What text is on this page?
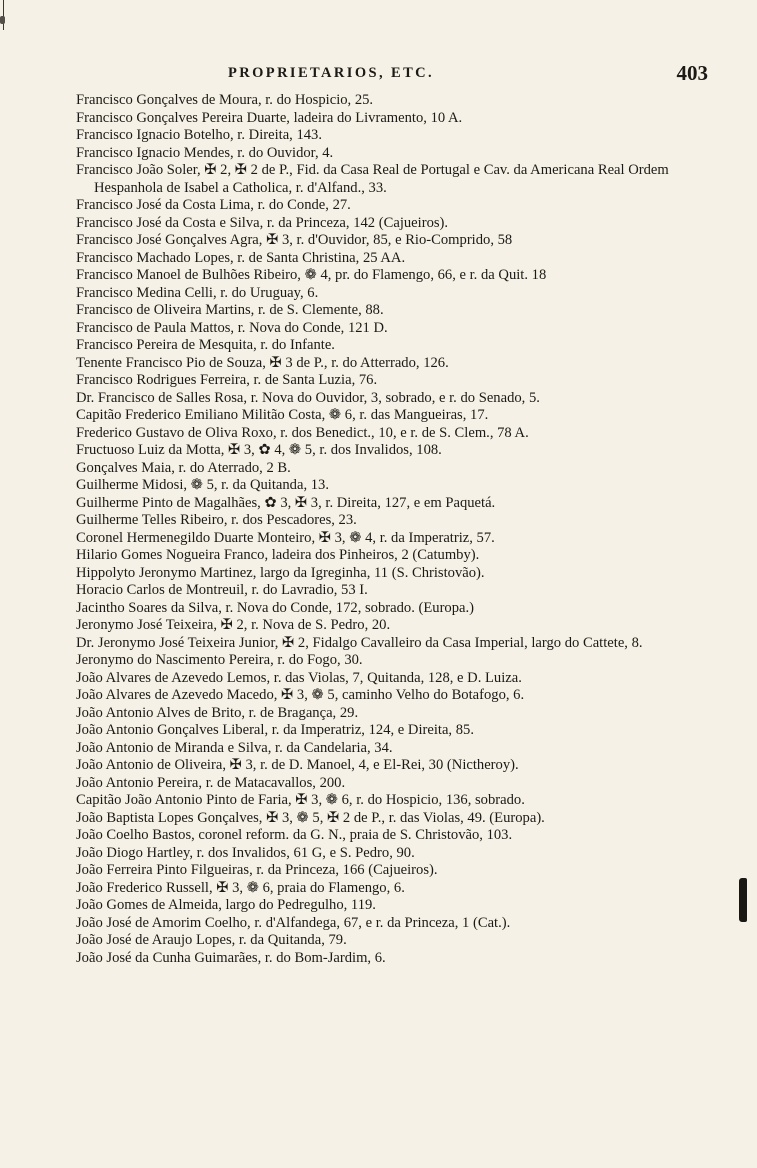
PROPRIETARIOS, ETC.	403
Francisco Gonçalves de Moura, r. do Hospicio, 25.
Francisco Gonçalves Pereira Duarte, ladeira do Livramento, 10 A.
Francisco Ignacio Botelho, r. Direita, 143.
Francisco Ignacio Mendes, r. do Ouvidor, 4.
Francisco João Soler, ✠ 2, ✠ 2 de P., Fid. da Casa Real de Portugal e Cav. da Americana Real Ordem Hespanhola de Isabel a Catholica, r. d'Alfand., 33.
Francisco José da Costa Lima, r. do Conde, 27.
Francisco José da Costa e Silva, r. da Princeza, 142 (Cajueiros).
Francisco José Gonçalves Agra, ✠ 3, r. d'Ouvidor, 85, e Rio-Comprido, 58
Francisco Machado Lopes, r. de Santa Christina, 25 AA.
Francisco Manoel de Bulhões Ribeiro, ❁ 4, pr. do Flamengo, 66, e r. da Quit. 18
Francisco Medina Celli, r. do Uruguay, 6.
Francisco de Oliveira Martins, r. de S. Clemente, 88.
Francisco de Paula Mattos, r. Nova do Conde, 121 D.
Francisco Pereira de Mesquita, r. do Infante.
Tenente Francisco Pio de Souza, ✠ 3 de P., r. do Atterrado, 126.
Francisco Rodrigues Ferreira, r. de Santa Luzia, 76.
Dr. Francisco de Salles Rosa, r. Nova do Ouvidor, 3, sobrado, e r. do Senado, 5.
Capitão Frederico Emiliano Militão Costa, ❁ 6, r. das Mangueiras, 17.
Frederico Gustavo de Oliva Roxo, r. dos Benedict., 10, e r. de S. Clem., 78 A.
Fructuoso Luiz da Motta, ✠ 3, ✿ 4, ❁ 5, r. dos Invalidos, 108.
Gonçalves Maia, r. do Aterrado, 2 B.
Guilherme Midosi, ❁ 5, r. da Quitanda, 13.
Guilherme Pinto de Magalhães, ✿ 3, ✠ 3, r. Direita, 127, e em Paquetá.
Guilherme Telles Ribeiro, r. dos Pescadores, 23.
Coronel Hermenegildo Duarte Monteiro, ✠ 3, ❁ 4, r. da Imperatriz, 57.
Hilario Gomes Nogueira Franco, ladeira dos Pinheiros, 2 (Catumby).
Hippolyto Jeronymo Martinez, largo da Igreginha, 11 (S. Christovão).
Horacio Carlos de Montreuil, r. do Lavradio, 53 I.
Jacintho Soares da Silva, r. Nova do Conde, 172, sobrado. (Europa.)
Jeronymo José Teixeira, ✠ 2, r. Nova de S. Pedro, 20.
Dr. Jeronymo José Teixeira Junior, ✠ 2, Fidalgo Cavalleiro da Casa Imperial, largo do Cattete, 8.
Jeronymo do Nascimento Pereira, r. do Fogo, 30.
João Alvares de Azevedo Lemos, r. das Violas, 7, Quitanda, 128, e D. Luiza.
João Alvares de Azevedo Macedo, ✠ 3, ❁ 5, caminho Velho do Botafogo, 6.
João Antonio Alves de Brito, r. de Bragança, 29.
João Antonio Gonçalves Liberal, r. da Imperatriz, 124, e Direita, 85.
João Antonio de Miranda e Silva, r. da Candelaria, 34.
João Antonio de Oliveira, ✠ 3, r. de D. Manoel, 4, e El-Rei, 30 (Nictheroy).
João Antonio Pereira, r. de Matacavallos, 200.
Capitão João Antonio Pinto de Faria, ✠ 3, ❁ 6, r. do Hospicio, 136, sobrado.
João Baptista Lopes Gonçalves, ✠ 3, ❁ 5, ✠ 2 de P., r. das Violas, 49. (Europa).
João Coelho Bastos, coronel reform. da G. N., praia de S. Christovão, 103.
João Diogo Hartley, r. dos Invalidos, 61 G, e S. Pedro, 90.
João Ferreira Pinto Filgueiras, r. da Princeza, 166 (Cajueiros).
João Frederico Russell, ✠ 3, ❁ 6, praia do Flamengo, 6.
João Gomes de Almeida, largo do Pedregulho, 119.
João José de Amorim Coelho, r. d'Alfandega, 67, e r. da Princeza, 1 (Cat.).
João José de Araujo Lopes, r. da Quitanda, 79.
João José da Cunha Guimarães, r. do Bom-Jardim, 6.
